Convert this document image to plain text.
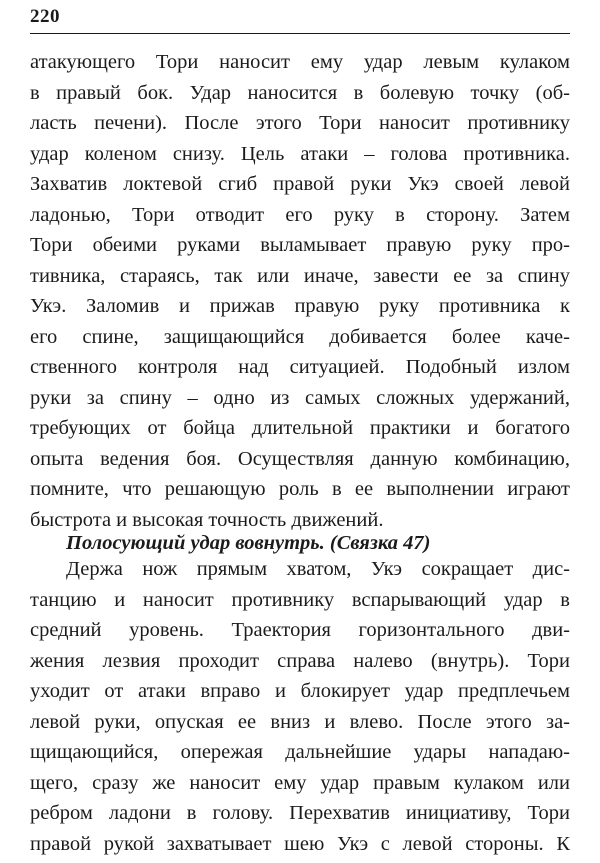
220
атакующего Тори наносит ему удар левым кулаком
в правый бок. Удар наносится в болевую точку (об-
ласть печени). После этого Тори наносит противнику
удар коленом снизу. Цель атаки – голова противника.
Захватив локтевой сгиб правой руки Укэ своей левой
ладонью, Тори отводит его руку в сторону. Затем
Тори обеими руками выламывает правую руку про-
тивника, стараясь, так или иначе, завести ее за спину
Укэ. Заломив и прижав правую руку противника к
его спине, защищающийся добивается более каче-
ственного контроля над ситуацией. Подобный излом
руки за спину – одно из самых сложных удержаний,
требующих от бойца длительной практики и богатого
опыта ведения боя. Осуществляя данную комбинацию,
помните, что решающую роль в ее выполнении играют
быстрота и высокая точность движений.
Полосующий удар вовнутрь. (Связка 47)
Держа нож прямым хватом, Укэ сокращает дис-
танцию и наносит противнику вспарывающий удар в
средний уровень. Траектория горизонтального дви-
жения лезвия проходит справа налево (внутрь). Тори
уходит от атаки вправо и блокирует удар предплечьем
левой руки, опуская ее вниз и влево. После этого за-
щищающийся, опережая дальнейшие удары нападаю-
щего, сразу же наносит ему удар правым кулаком или
ребром ладони в голову. Перехватив инициативу, Тори
правой рукой захватывает шею Укэ с левой стороны. К
